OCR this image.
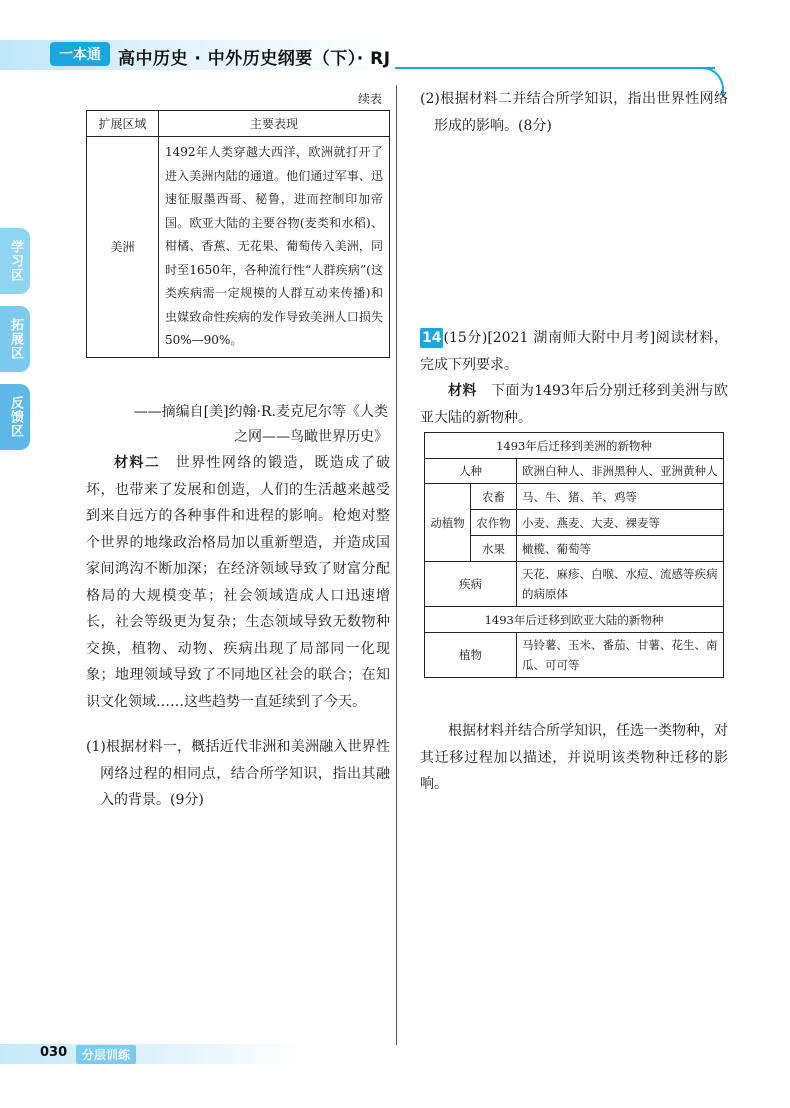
一本通	高中历史 · 中外历史纲要（下）· RJ
学习区
拓展区
反馈区
续表
扩展区域	主要表现
美洲	1492年人类穿越大西洋，欧洲就打开了进入美洲内陆的通道。他们通过军事、迅速征服墨西哥、秘鲁，进而控制印加帝国。欧亚大陆的主要谷物(麦类和水稻)、柑橘、香蕉、无花果、葡萄传入美洲，同时至1650年，各种流行性“人群疾病”(这类疾病需一定规模的人群互动来传播)和虫媒致命性疾病的发作导致美洲人口损失50%—90%。
——摘编自[美]约翰·R.麦克尼尔等《人类
之网——鸟瞰世界历史》
材料二　 世界性网络的锻造，既造成了破坏，也带来了发展和创造，人们的生活越来越受到来自远方的各种事件和进程的影响。枪炮对整个世界的地缘政治格局加以重新塑造，并造成国家间鸿沟不断加深；在经济领域导致了财富分配格局的大规模变革；社会领域造成人口迅速增长，社会等级更为复杂；生态领域导致无数物种交换，植物、动物、疾病出现了局部同一化现象；地理领域导致了不同地区社会的联合；在知识文化领域……这些趋势一直延续到了今天。
(1)根据材料一，概括近代非洲和美洲融入世界性网络过程的相同点，结合所学知识，指出其融入的背景。(9分)
(2)根据材料二并结合所学知识，指出世界性网络形成的影响。(8分)
14 (15分)[2021 湖南师大附中月考]阅读材料，完成下列要求。
材料　 下面为1493年后分别迁移到美洲与欧亚大陆的新物种。
1493年后迁移到美洲的新物种		
人种		欧洲白种人、非洲黑种人、亚洲黄种人
动植物	农畜	马、牛、猪、羊、鸡等
	农作物	小麦、燕麦、大麦、裸麦等
	水果	橄榄、葡萄等
疾病		天花、麻疹、白喉、水痘、流感等疾病的病原体
1493年后迁移到欧亚大陆的新物种		
植物		马铃薯、玉米、番茄、甘薯、花生、南瓜、可可等
根据材料并结合所学知识，任选一类物种，对其迁移过程加以描述，并说明该类物种迁移的影响。
030	分层训练
